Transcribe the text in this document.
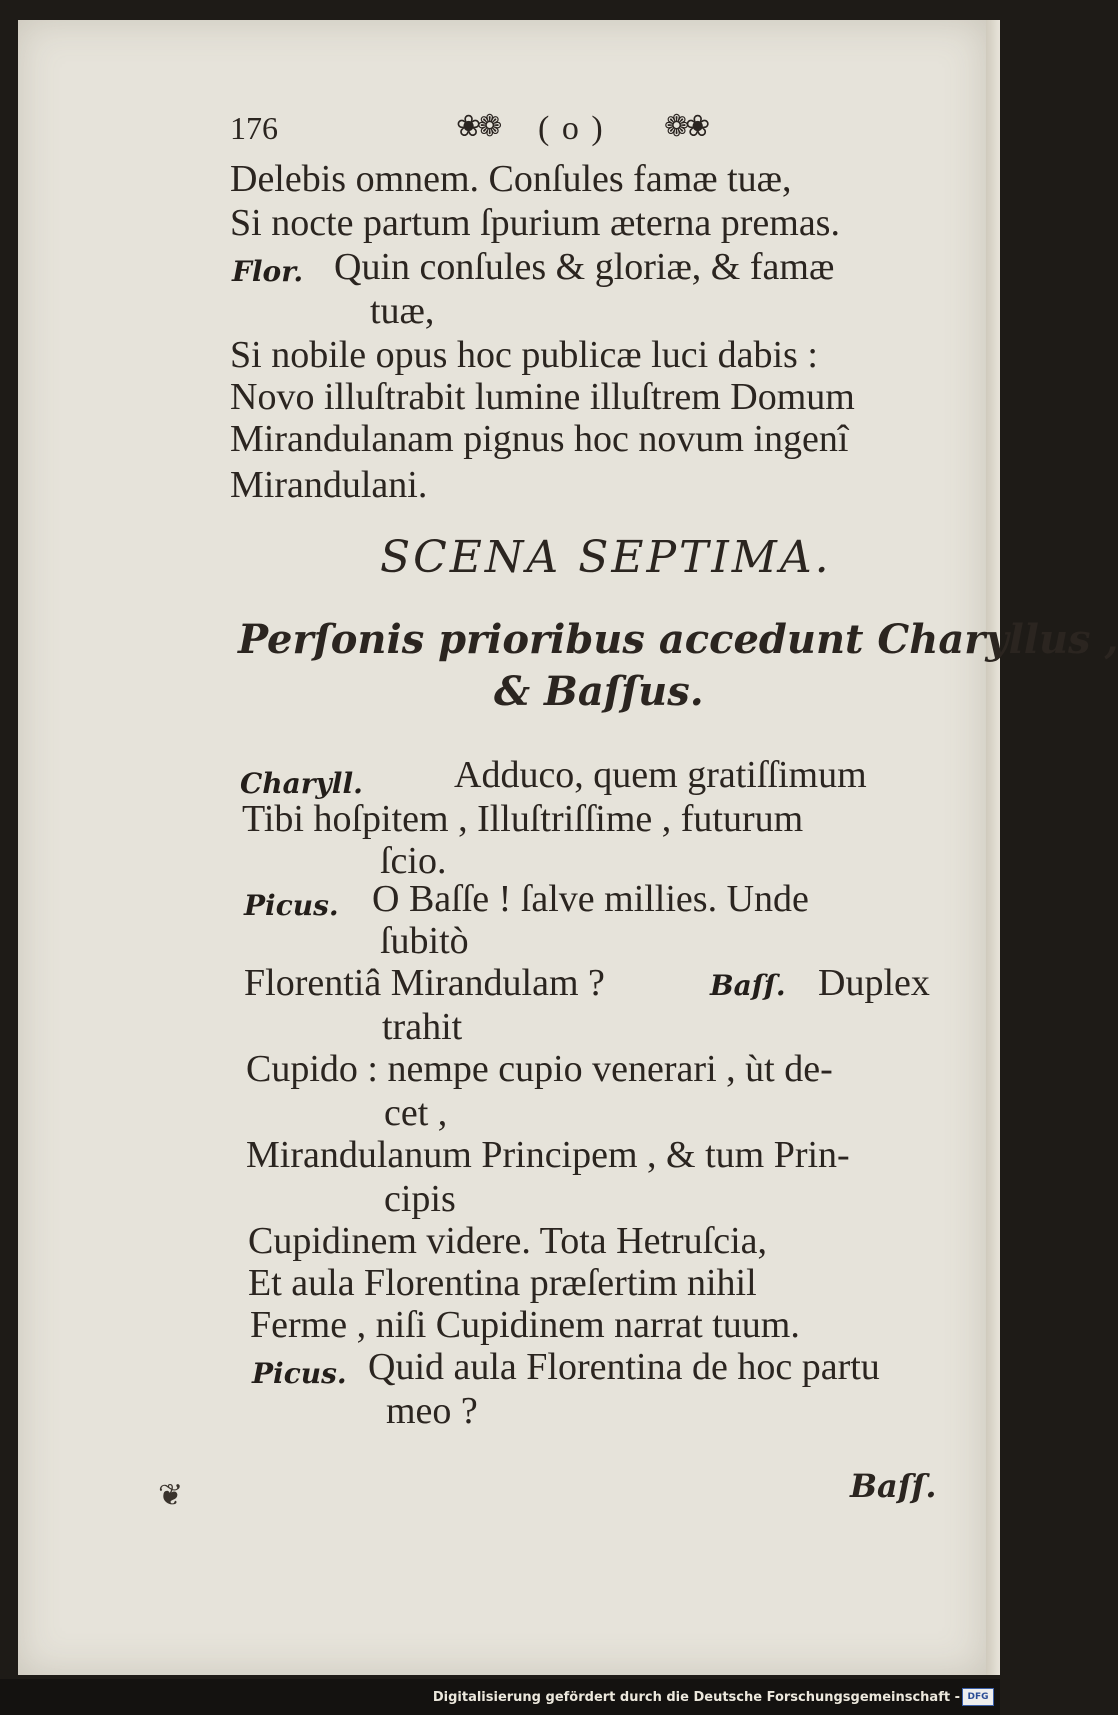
176	❀❁ ( o ) ❁❀
Delebis omnem. Conſules famæ tuæ,
Si nocte partum ſpurium æterna premas.
Flor. Quin conſules & gloriæ, & famæ
tuæ,
Si nobile opus hoc publicæ luci dabis :
Novo illuſtrabit lumine illuſtrem Domum
Mirandulanam pignus hoc novum ingenî
Mirandulani.
SCENA SEPTIMA.
Perſonis prioribus accedunt Charyllus ,
& Baſſus.
Charyll. Adduco, quem gratiſſimum
Tibi hoſpitem , Illuſtriſſime , futurum
ſcio.
Picus. O Baſſe ! ſalve millies. Unde
ſubitò
Florentiâ Mirandulam ?	Baſſ. Duplex
trahit
Cupido : nempe cupio venerari , ùt de-
cet ,
Mirandulanum Principem , & tum Prin-
cipis
Cupidinem videre. Tota Hetruſcia,
Et aula Florentina præſertim nihil
Ferme , niſi Cupidinem narrat tuum.
Picus. Quid aula Florentina de hoc partu
meo ?
❦	Baſſ.
Digitalisierung gefördert durch die Deutsche Forschungsgemeinschaft - DFG
